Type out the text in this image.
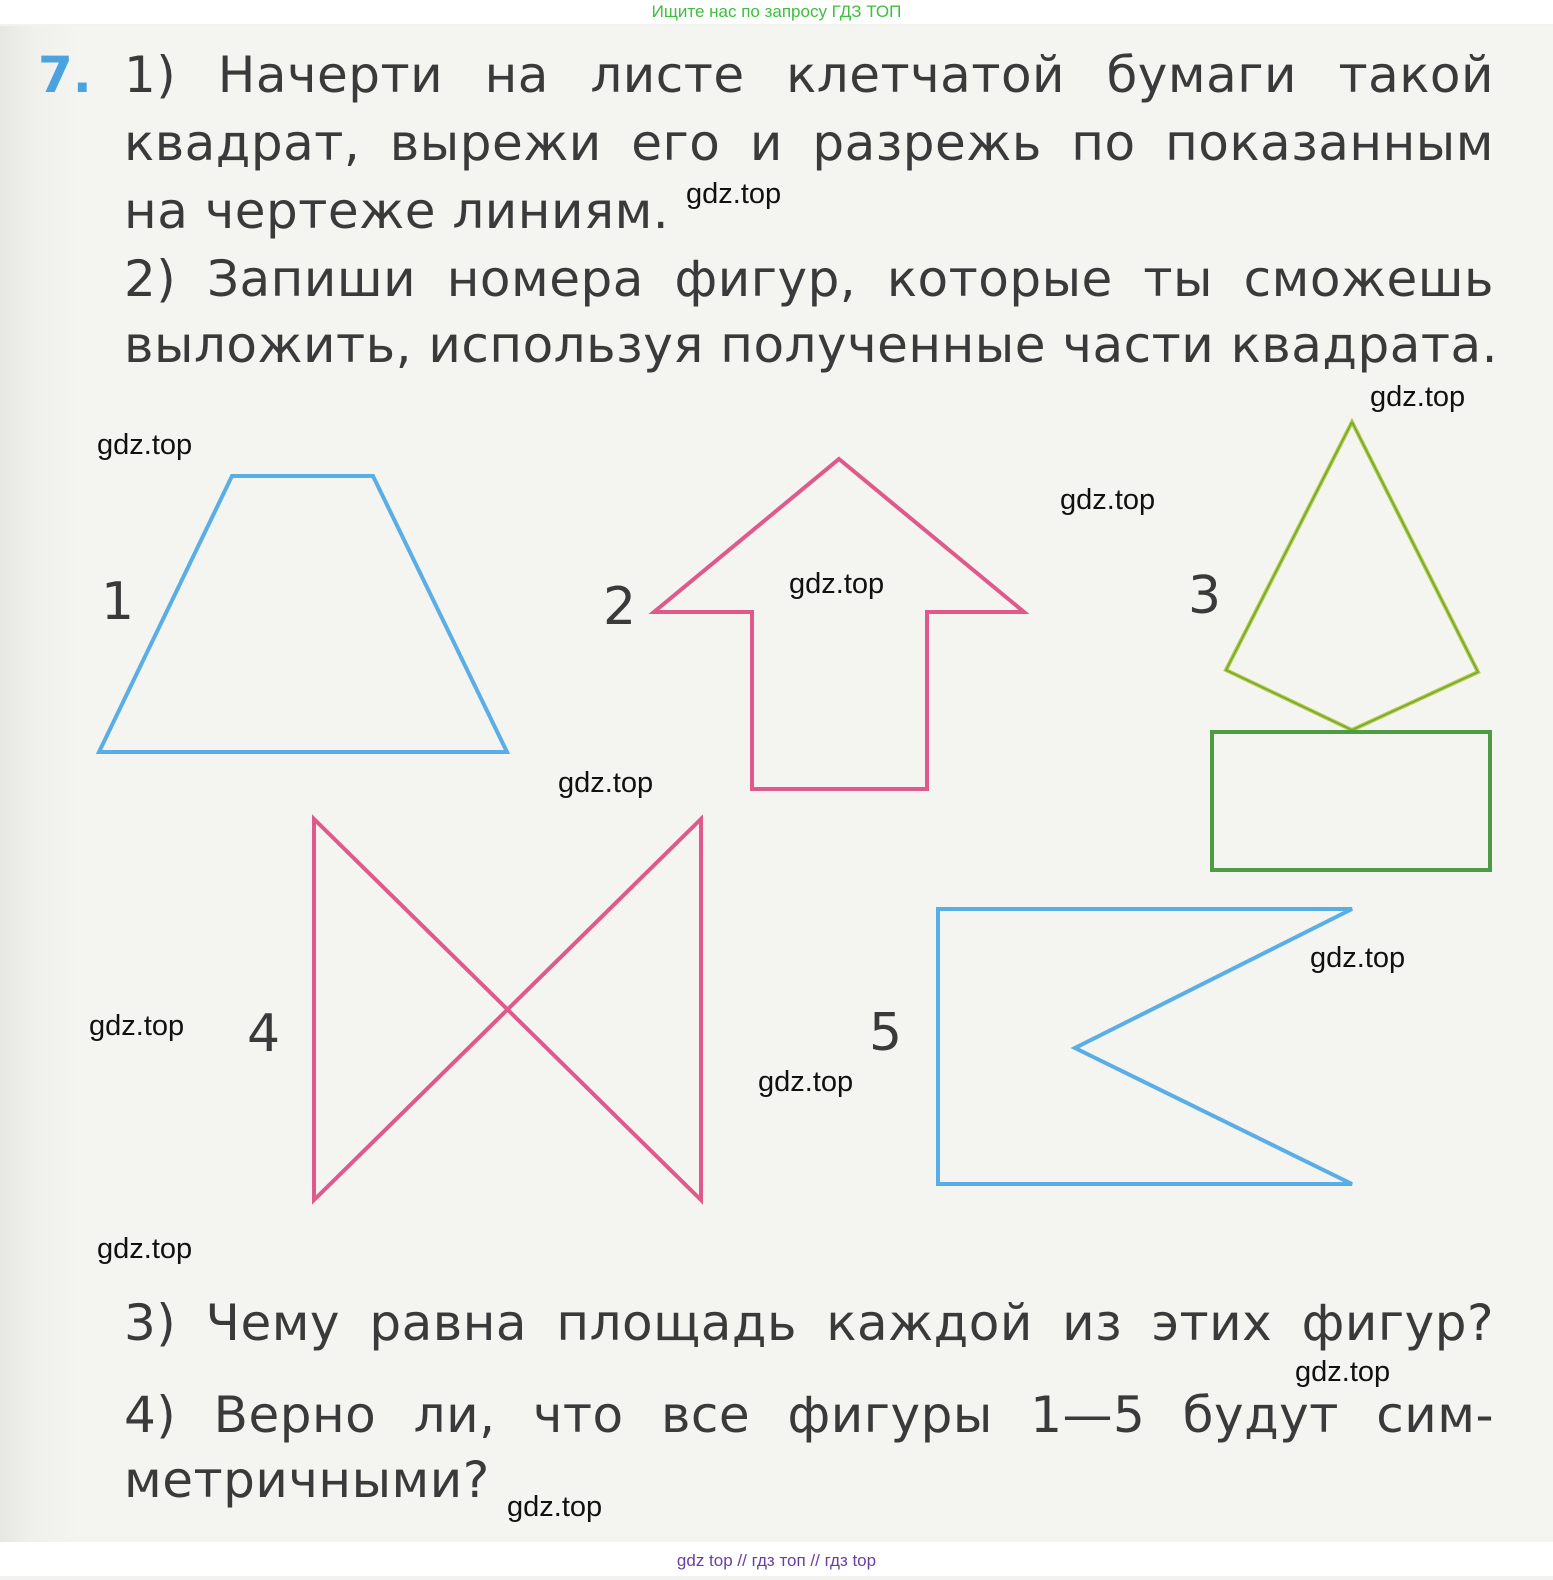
Ищите нас по запросу ГДЗ ТОП
7. 1) Начерти на листе клетчатой бумаги такой
квадрат, вырежи его и разрежь по показанным
на чертеже линиям.
2) Запиши номера фигур, которые ты сможешь
выложить, используя полученные части квадрата.
1	2	3
4	5
3) Чему равна площадь каждой из этих фигур?
4) Верно ли, что все фигуры 1—5 будут сим-
метричными?
gdz.top
gdz.top
gdz.top
gdz.top
gdz.top
gdz.top
gdz.top
gdz.top
gdz.top
gdz.top
gdz.top
gdz.top
gdz top // гдз топ // гдз top
